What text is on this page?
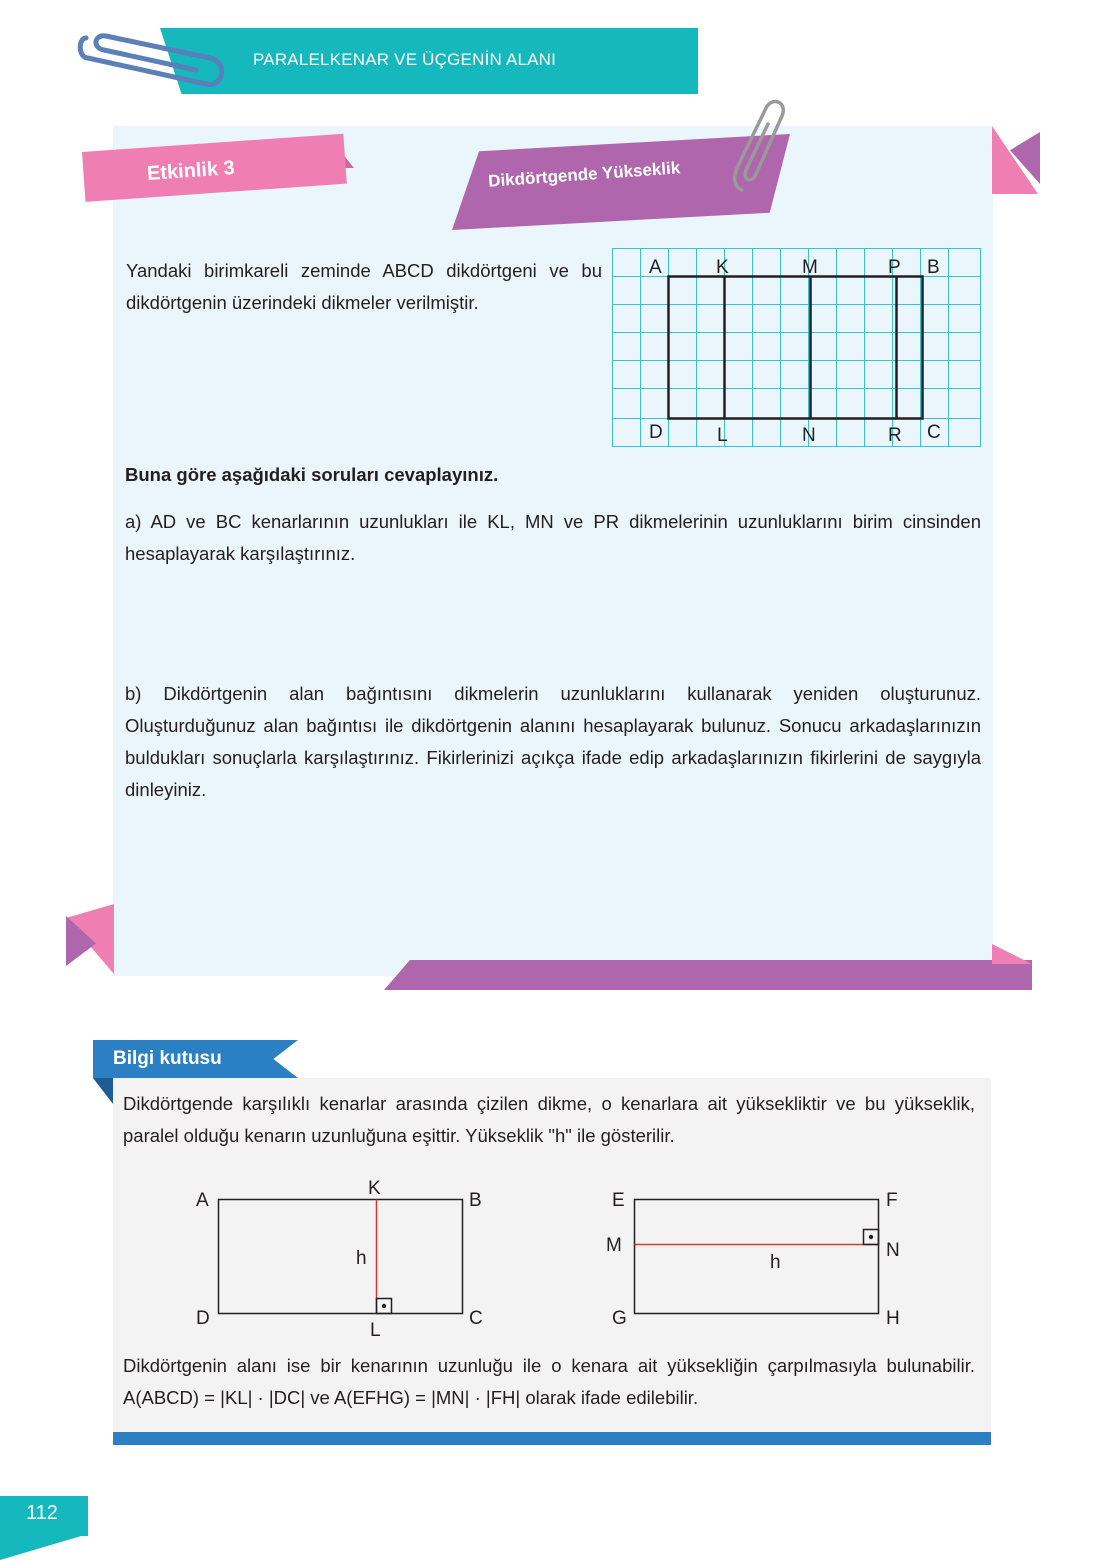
PARALELKENAR VE ÜÇGENİN ALANI
Etkinlik 3	Dikdörtgende Yükseklik
Yandaki birimkareli zeminde ABCD dikdörtgeni ve bu dikdörtgenin üzerindeki dikmeler verilmiştir.
A	K	M	P B
D	L	N	R C
Buna göre aşağıdaki soruları cevaplayınız.
a) AD ve BC kenarlarının uzunlukları ile KL, MN ve PR dikmelerinin uzunluklarını birim cinsinden hesaplayarak karşılaştırınız.
b) Dikdörtgenin alan bağıntısını dikmelerin uzunluklarını kullanarak yeniden oluşturunuz. Oluşturduğunuz alan bağıntısı ile dikdörtgenin alanını hesaplayarak bulunuz. Sonucu arkadaşlarınızın buldukları sonuçlarla karşılaştırınız. Fikirlerinizi açıkça ifade edip arkadaşlarınızın fikirlerini de saygıyla dinleyiniz.
Bilgi kutusu
Dikdörtgende karşılıklı kenarlar arasında çizilen dikme, o kenarlara ait yüksekliktir ve bu yükseklik, paralel olduğu kenarın uzunluğuna eşittir. Yükseklik "h" ile gösterilir.
A
K
B
h
D
L
C
E	F
M	N
h
G	H
Dikdörtgenin alanı ise bir kenarının uzunluğu ile o kenara ait yüksekliğin çarpılmasıyla bulunabilir. A(ABCD) = |KL| · |DC| ve A(EFHG) = |MN| · |FH| olarak ifade edilebilir.
112
